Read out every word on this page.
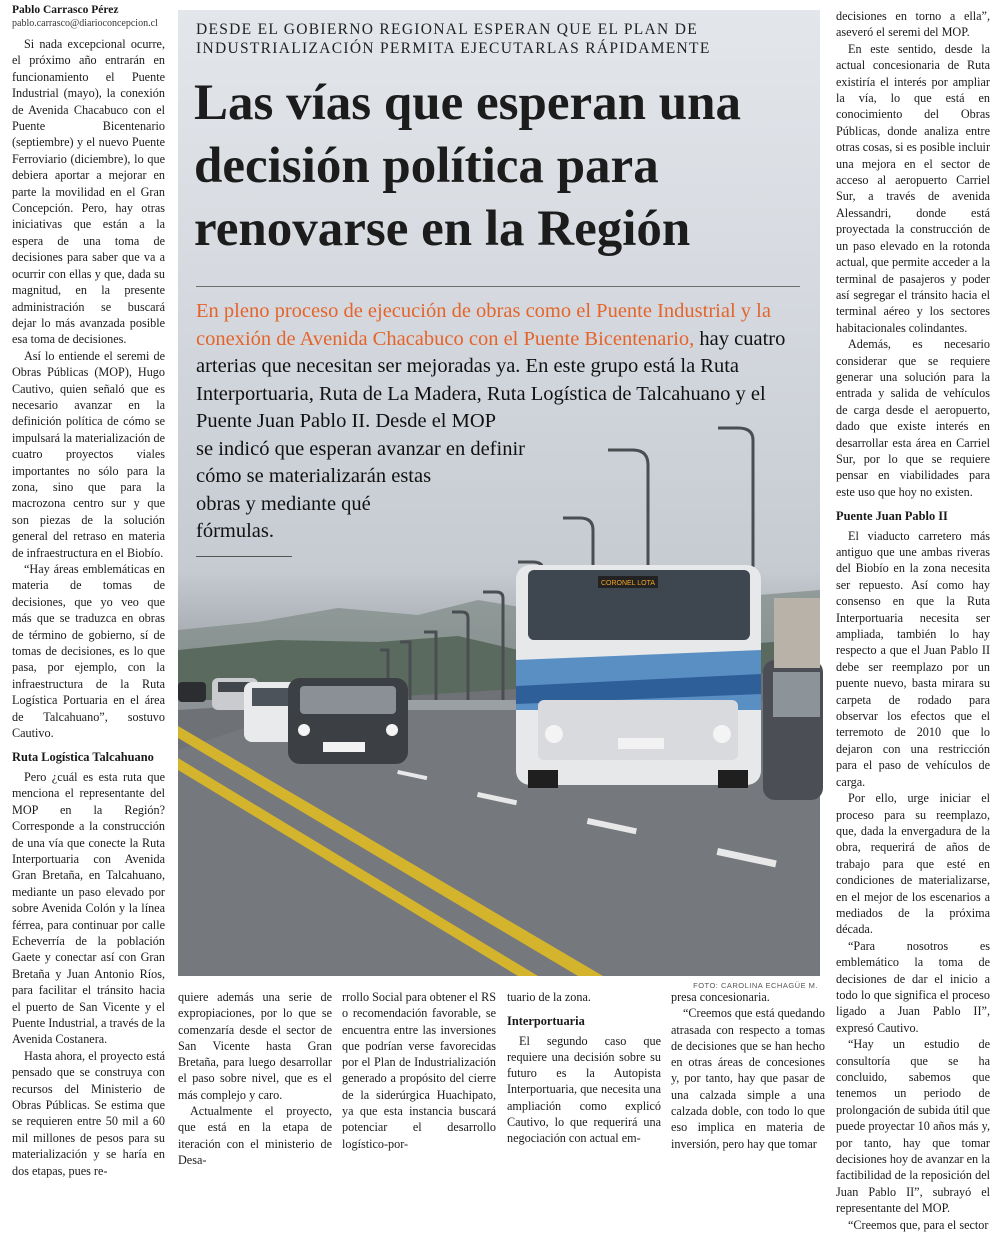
Pablo Carrasco Pérez

pablo.carrasco@diarioconcepcion.cl

Si nada excepcional ocurre, el próximo año entrarán en funcionamiento el Puente Industrial (mayo), la conexión de Avenida Chacabuco con el Puente Bicentenario (septiembre) y el nuevo Puente Ferroviario (diciembre), lo que debiera aportar a mejorar en parte la movilidad en el Gran Concepción. Pero, hay otras iniciativas que están a la espera de una toma de decisiones para saber que va a ocurrir con ellas y que, dada su magnitud, en la presente administración se buscará dejar lo más avanzada posible esa toma de decisiones.

Así lo entiende el seremi de Obras Públicas (MOP), Hugo Cautivo, quien señaló que es necesario avanzar en la definición política de cómo se impulsará la materialización de cuatro proyectos viales importantes no sólo para la zona, sino que para la macrozona centro sur y que son piezas de la solución general del retraso en materia de infraestructura en el Biobío.

“Hay áreas emblemáticas en materia de tomas de decisiones, que yo veo que más que se traduzca en obras de término de gobierno, sí de tomas de decisiones, es lo que pasa, por ejemplo, con la infraestructura de la Ruta Logística Portuaria en el área de Talcahuano”, sostuvo Cautivo.

Ruta Logística Talcahuano

Pero ¿cuál es esta ruta que menciona el representante del MOP en la Región? Corresponde a la construcción de una vía que conecte la Ruta Interportuaria con Avenida Gran Bretaña, en Talcahuano, mediante un paso elevado por sobre Avenida Colón y la línea férrea, para continuar por calle Echeverría de la población Gaete y conectar así con Gran Bretaña y Juan Antonio Ríos, para facilitar el tránsito hacia el puerto de San Vicente y el Puente Industrial, a través de la Avenida Costanera.

Hasta ahora, el proyecto está pensado que se construya con recursos del Ministerio de Obras Públicas. Se estima que se requieren entre 50 mil a 60 mil millones de pesos para su materialización y se haría en dos etapas, pues re-

CORONEL LOTA
FOTO: CAROLINA ECHAGÜE M.
DESDE EL GOBIERNO REGIONAL ESPERAN QUE EL PLAN DE INDUSTRIALIZACIÓN PERMITA EJECUTARLAS RÁPIDAMENTE
Las vías que esperan una
decisión política para
renovarse en la Región
En pleno proceso de ejecución de obras como el Puente Industrial y la conexión de Avenida Chacabuco con el Puente Bicentenario, hay cuatro arterias que necesitan ser mejoradas ya. En este grupo está la Ruta Interportuaria, Ruta de La Madera, Ruta Logística de Talcahuano y el Puente Juan Pablo II. Desde el MOP
se indicó que esperan avanzar en definir
cómo se materializarán estas
obras y mediante qué
fórmulas.

quiere además una serie de expropiaciones, por lo que se comenzaría desde el sector de San Vicente hasta Gran Bretaña, para luego desarrollar el paso sobre nivel, que es el más complejo y caro.

Actualmente el proyecto, que está en la etapa de iteración con el ministerio de Desa-

rrollo Social para obtener el RS o recomendación favorable, se encuentra entre las inversiones que podrían verse favorecidas por el Plan de Industrialización generado a propósito del cierre de la siderúrgica Huachipato, ya que esta instancia buscará potenciar el desarrollo logístico-por-

tuario de la zona.

Interportuaria

El segundo caso que requiere una decisión sobre su futuro es la Autopista Interportuaria, que necesita una ampliación como explicó Cautivo, lo que requerirá una negociación con actual em-

presa concesionaria.

“Creemos que está quedando atrasada con respecto a tomas de decisiones que se han hecho en otras áreas de concesiones y, por tanto, hay que pasar de una calzada simple a una calzada doble, con todo lo que eso implica en materia de inversión, pero hay que tomar

decisiones en torno a ella”, aseveró el seremi del MOP.

En este sentido, desde la actual concesionaria de Ruta existiría el interés por ampliar la vía, lo que está en conocimiento del Obras Públicas, donde analiza entre otras cosas, si es posible incluir una mejora en el sector de acceso al aeropuerto Carriel Sur, a través de avenida Alessandri, donde está proyectada la construcción de un paso elevado en la rotonda actual, que permite acceder a la terminal de pasajeros y poder así segregar el tránsito hacia el terminal aéreo y los sectores habitacionales colindantes.

Además, es necesario considerar que se requiere generar una solución para la entrada y salida de vehículos de carga desde el aeropuerto, dado que existe interés en desarrollar esta área en Carriel Sur, por lo que se requiere pensar en viabilidades para este uso que hoy no existen.

Puente Juan Pablo II

El viaducto carretero más antiguo que une ambas riveras del Biobío en la zona necesita ser repuesto. Así como hay consenso en que la Ruta Interportuaria necesita ser ampliada, también lo hay respecto a que el Juan Pablo II debe ser reemplazo por un puente nuevo, basta mirara su carpeta de rodado para observar los efectos que el terremoto de 2010 que lo dejaron con una restricción para el paso de vehículos de carga.

Por ello, urge iniciar el proceso para su reemplazo, que, dada la envergadura de la obra, requerirá de años de trabajo para que esté en condiciones de materializarse, en el mejor de los escenarios a mediados de la próxima década.

“Para nosotros es emblemático la toma de decisiones de dar el inicio a todo lo que significa el proceso ligado a Juan Pablo II”, expresó Cautivo.

“Hay un estudio de consultoría que se ha concluido, sabemos que tenemos un periodo de prolongación de subida útil que puede proyectar 10 años más y, por tanto, hay que tomar decisiones hoy de avanzar en la factibilidad de la reposición del Juan Pablo II”, subrayó el representante del MOP.

“Creemos que, para el sector
